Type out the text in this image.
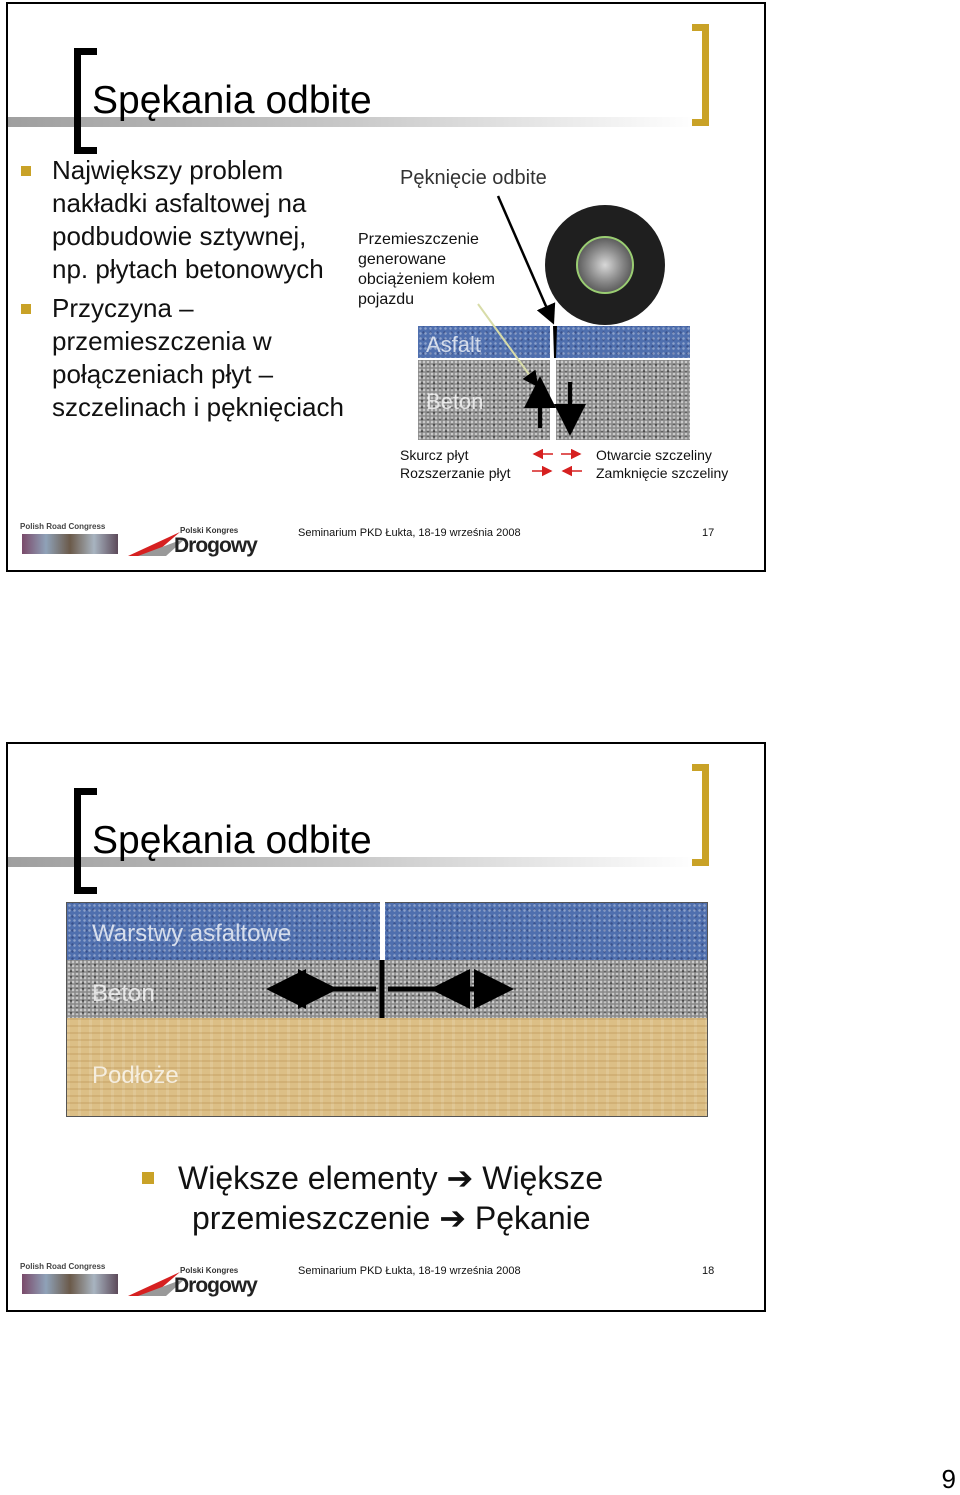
Spękania odbite
Największy problem nakładki asfaltowej na podbudowie sztywnej, np. płytach betonowych
Przyczyna – przemieszczenia w połączeniach płyt – szczelinach i pęknięciach
Pęknięcie odbite
Przemieszczenie
generowane
obciążeniem kołem
pojazdu
Asfalt
Beton
Skurcz płyt
Rozszerzanie płyt
Otwarcie szczeliny
Zamknięcie szczeliny
Polish Road Congress	Polski Kongres
Drogowy
Seminarium PKD Łukta, 18-19 września 2008	17
Spękania odbite
Warstwy asfaltowe
Beton
Podłoże
Większe elementy ➔ Większe
przemieszczenie ➔ Pękanie
Polish Road Congress	Polski Kongres
Drogowy
Seminarium PKD Łukta, 18-19 września 2008	18
9
